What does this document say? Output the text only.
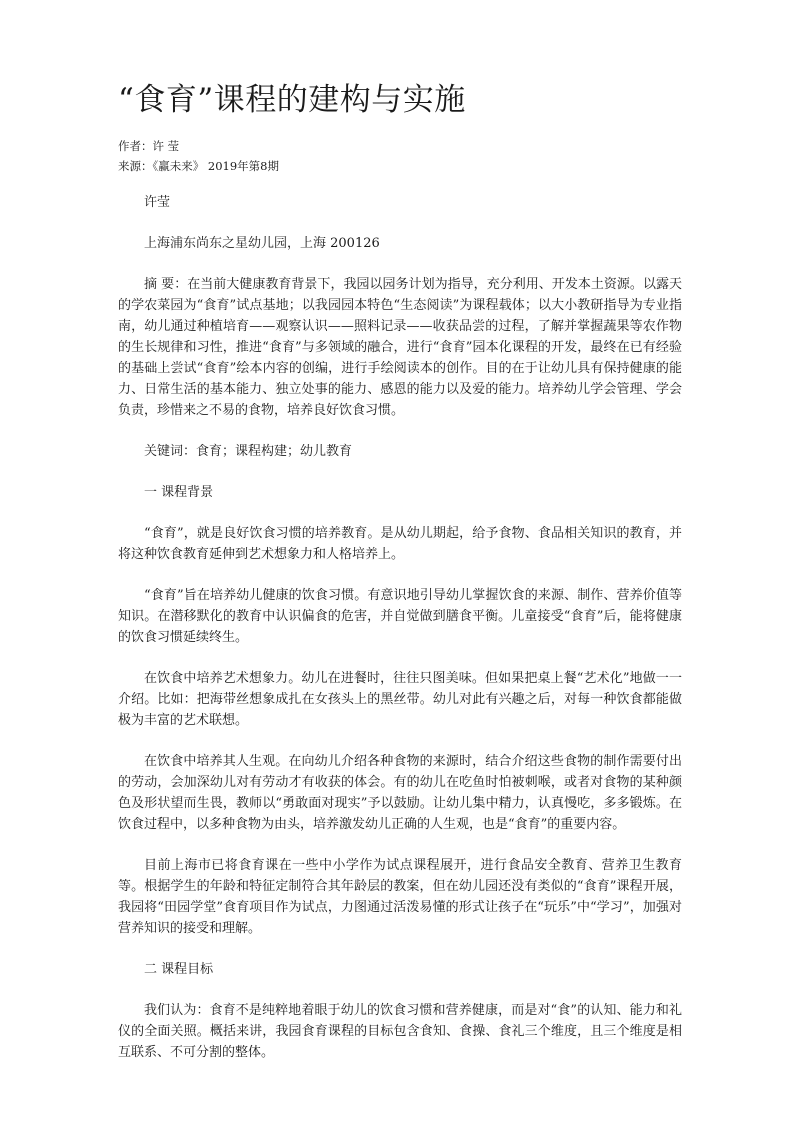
“食育”课程的建构与实施
作者：许 莹
来源：《赢未来》 2019年第8期

许莹

上海浦东尚东之星幼儿园，上海 200126

摘 要：在当前大健康教育背景下，我园以园务计划为指导，充分利用、开发本土资源。以露天的学农菜园为“食育”试点基地；以我园园本特色“生态阅读”为课程载体；以大小教研指导为专业指南，幼儿通过种植培育——观察认识——照料记录——收获品尝的过程，了解并掌握蔬果等农作物的生长规律和习性，推进“食育”与多领域的融合，进行“食育”园本化课程的开发，最终在已有经验的基础上尝试“食育”绘本内容的创编，进行手绘阅读本的创作。目的在于让幼儿具有保持健康的能力、日常生活的基本能力、独立处事的能力、感恩的能力以及爱的能力。培养幼儿学会管理、学会负责，珍惜来之不易的食物，培养良好饮食习惯。

关键词：食育；课程构建；幼儿教育

一 课程背景

“食育”，就是良好饮食习惯的培养教育。是从幼儿期起，给予食物、食品相关知识的教育，并将这种饮食教育延伸到艺术想象力和人格培养上。

“食育”旨在培养幼儿健康的饮食习惯。有意识地引导幼儿掌握饮食的来源、制作、营养价值等知识。在潜移默化的教育中认识偏食的危害，并自觉做到膳食平衡。儿童接受“食育”后，能将健康的饮食习惯延续终生。

在饮食中培养艺术想象力。幼儿在进餐时，往往只图美味。但如果把桌上餐“艺术化”地做一一介绍。比如：把海带丝想象成扎在女孩头上的黑丝带。幼儿对此有兴趣之后，对每一种饮食都能做极为丰富的艺术联想。

在饮食中培养其人生观。在向幼儿介绍各种食物的来源时，结合介绍这些食物的制作需要付出的劳动，会加深幼儿对有劳动才有收获的体会。有的幼儿在吃鱼时怕被刺喉，或者对食物的某种颜色及形状望而生畏，教师以“勇敢面对现实”予以鼓励。让幼儿集中精力，认真慢吃，多多锻炼。在饮食过程中，以多种食物为由头，培养激发幼儿正确的人生观，也是“食育”的重要内容。

目前上海市已将食育课在一些中小学作为试点课程展开，进行食品安全教育、营养卫生教育等。根据学生的年龄和特征定制符合其年龄层的教案，但在幼儿园还没有类似的“食育”课程开展，我园将“田园学堂”食育项目作为试点，力图通过活泼易懂的形式让孩子在“玩乐”中“学习”，加强对营养知识的接受和理解。

二 课程目标

我们认为：食育不是纯粹地着眼于幼儿的饮食习惯和营养健康，而是对“食”的认知、能力和礼仪的全面关照。概括来讲，我园食育课程的目标包含食知、食操、食礼三个维度，且三个维度是相互联系、不可分割的整体。
